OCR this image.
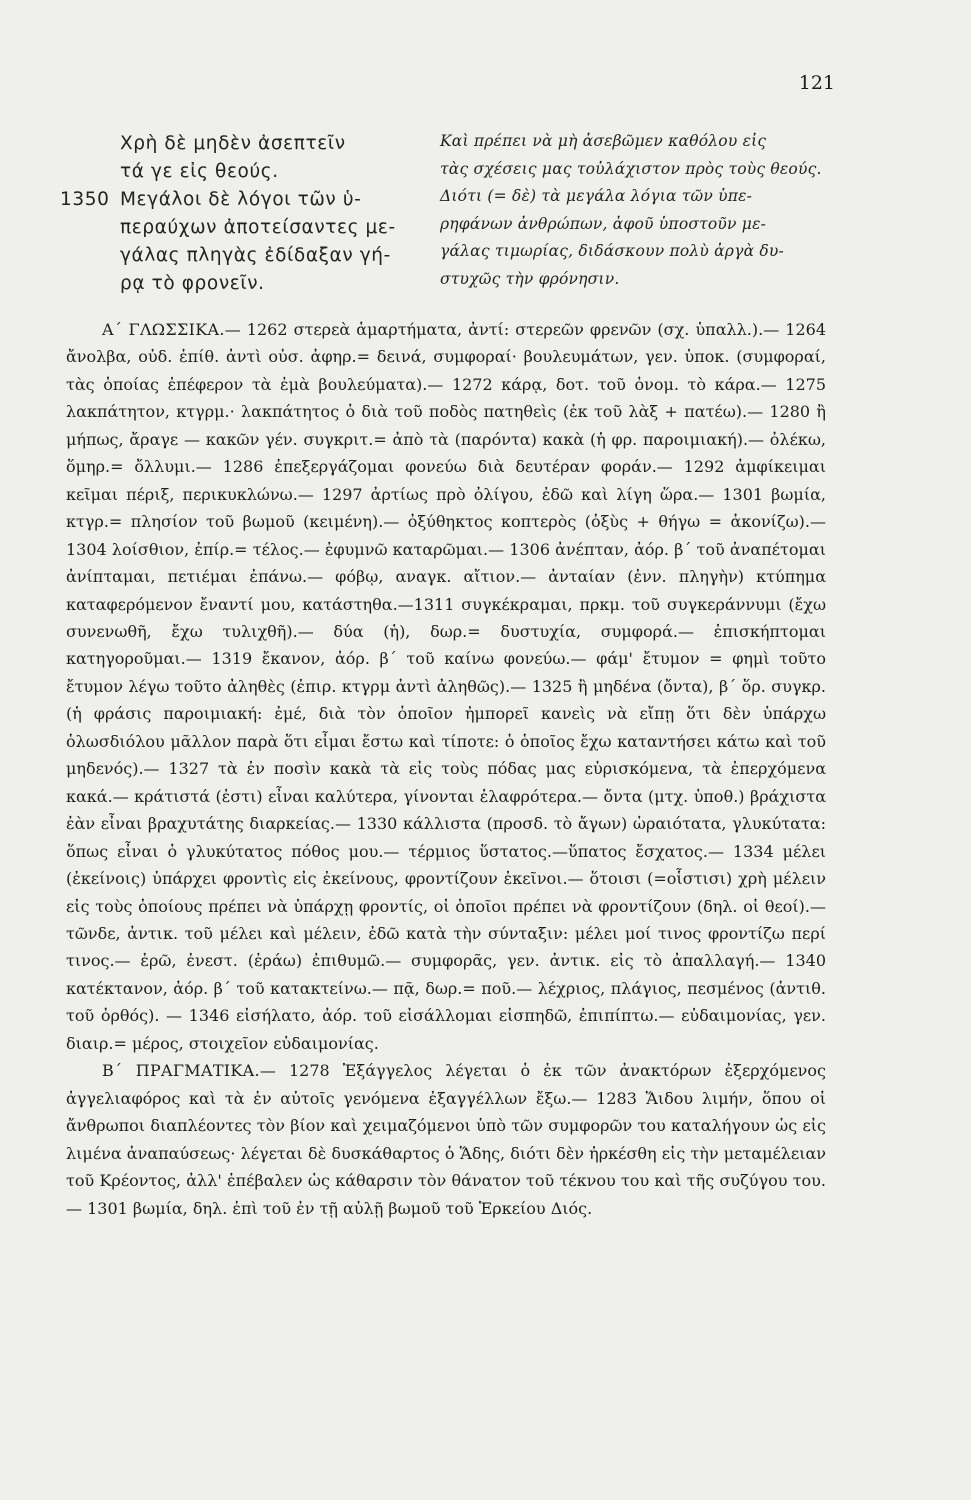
121
Χρὴ δὲ μηδὲν ἀσεπτεῖν
τά γε εἰς θεούς.
1350 Μεγάλοι δὲ λόγοι τῶν ὑ-
περαύχων ἀποτείσαντες με-
γάλας πληγὰς ἐδίδαξαν γή-
ρᾳ τὸ φρονεῖν.
Καὶ πρέπει νὰ μὴ ἀσεβῶμεν καθόλου εἰς
τὰς σχέσεις μας τοὐλάχιστον πρὸς τοὺς θεούς.
Διότι (= δὲ) τὰ μεγάλα λόγια τῶν ὑπε-
ρηφάνων ἀνθρώπων, ἀφοῦ ὑποστοῦν με-
γάλας τιμωρίας, διδάσκουν πολὺ ἀργὰ δυ-
στυχῶς τὴν φρόνησιν.

Α΄ ΓΛΩΣΣΙΚΑ.— 1262 στερεὰ ἁμαρτήματα, ἀντί: στερεῶν φρενῶν (σχ. ὑπαλλ.).— 1264 ἄνολβα, οὐδ. ἐπίθ. ἀντὶ οὐσ. ἀφηρ.= δεινά, συμφοραί· βουλευμάτων, γεν. ὑποκ. (συμφοραί, τὰς ὁποίας ἐπέφερον τὰ ἐμὰ βουλεύματα).— 1272 κάρᾳ, δοτ. τοῦ ὀνομ. τὸ κάρα.— 1275 λακπάτητον, κτγρμ.· λακπάτητος ὁ διὰ τοῦ ποδὸς πατηθεὶς (ἐκ τοῦ λὰξ + πατέω).— 1280 ἢ μήπως, ἄραγε — κακῶν γέν. συγκριτ.= ἀπὸ τὰ (παρόντα) κακὰ (ἡ φρ. παροιμιακή).— ὀλέκω, ὅμηρ.= ὄλλυμι.— 1286 ἐπεξεργάζομαι φονεύω διὰ δευτέραν φοράν.— 1292 ἀμφίκειμαι κεῖμαι πέριξ, περικυκλώνω.— 1297 ἀρτίως πρὸ ὀλίγου, ἐδῶ καὶ λίγη ὥρα.— 1301 βωμία, κτγρ.= πλησίον τοῦ βωμοῦ (κειμένη).— ὀξύθηκτος κοπτερὸς (ὀξὺς + θήγω = ἀκονίζω).— 1304 λοίσθιον, ἐπίρ.= τέλος.— ἐφυμνῶ καταρῶμαι.— 1306 ἀνέπταν, ἀόρ. β΄ τοῦ ἀναπέτομαι ἀνίπταμαι, πετιέμαι ἐπάνω.— φόβῳ, αναγκ. αἴτιον.— ἀνταίαν (ἐνν. πληγὴν) κτύπημα καταφερόμενον ἔναντί μου, κατάστηθα.—1311 συγκέκραμαι, πρκμ. τοῦ συγκεράννυμι (ἔχω συνενωθῆ, ἔχω τυλιχθῆ).— δύα (ἡ), δωρ.= δυστυχία, συμφορά.— ἐπισκήπτομαι κατηγοροῦμαι.— 1319 ἔκανον, ἀόρ. β΄ τοῦ καίνω φονεύω.— φάμ' ἔτυμον = φημὶ τοῦτο ἔτυμον λέγω τοῦτο ἀληθὲς (ἐπιρ. κτγρμ ἀντὶ ἀληθῶς).— 1325 ἢ μηδένα (ὄντα), β΄ ὅρ. συγκρ. (ἡ φράσις παροιμιακή: ἐμέ, διὰ τὸν ὁποῖον ἠμπορεῖ κανεὶς νὰ εἴπῃ ὅτι δὲν ὑπάρχω ὁλωσδιόλου μᾶλλον παρὰ ὅτι εἶμαι ἔστω καὶ τίποτε: ὁ ὁποῖος ἔχω καταντήσει κάτω καὶ τοῦ μηδενός).— 1327 τὰ ἐν ποσὶν κακὰ τὰ εἰς τοὺς πόδας μας εὑρισκόμενα, τὰ ἐπερχόμενα κακά.— κράτιστά (ἐστι) εἶναι καλύτερα, γίνονται ἐλαφρότερα.— ὄντα (μτχ. ὑποθ.) βράχιστα ἐὰν εἶναι βραχυτάτης διαρκείας.— 1330 κάλλιστα (προσδ. τὸ ἄγων) ὡραιότατα, γλυκύτατα: ὅπως εἶναι ὁ γλυκύτατος πόθος μου.— τέρμιος ὕστατος.—ὕπατος ἔσχατος.— 1334 μέλει (ἐκείνοις) ὑπάρχει φροντὶς εἰς ἐκείνους, φροντίζουν ἐκεῖνοι.— ὅτοισι (=οἷστισι) χρὴ μέλειν εἰς τοὺς ὁποίους πρέπει νὰ ὑπάρχῃ φροντίς, οἱ ὁποῖοι πρέπει νὰ φροντίζουν (δηλ. οἱ θεοί).— τῶνδε, ἀντικ. τοῦ μέλει καὶ μέλειν, ἐδῶ κατὰ τὴν σύνταξιν: μέλει μοί τινος φροντίζω περί τινος.— ἐρῶ, ἐνεστ. (ἐράω) ἐπιθυμῶ.— συμφορᾶς, γεν. ἀντικ. εἰς τὸ ἀπαλλαγή.— 1340 κατέκτανον, ἀόρ. β΄ τοῦ κατακτείνω.— πᾷ, δωρ.= ποῦ.— λέχριος, πλάγιος, πεσμένος (ἀντιθ. τοῦ ὀρθός). — 1346 εἰσήλατο, ἀόρ. τοῦ εἰσάλλομαι εἰσπηδῶ, ἐπιπίπτω.— εὐδαιμονίας, γεν. διαιρ.= μέρος, στοιχεῖον εὐδαιμονίας.

Β΄ ΠΡΑΓΜΑΤΙΚΑ.— 1278 Ἐξάγγελος λέγεται ὁ ἐκ τῶν ἀνακτόρων ἐξερχόμενος ἀγγελιαφόρος καὶ τὰ ἐν αὐτοῖς γενόμενα ἐξαγγέλλων ἔξω.— 1283 Ἅιδου λιμήν, ὅπου οἱ ἄνθρωποι διαπλέοντες τὸν βίον καὶ χειμαζόμενοι ὑπὸ τῶν συμφορῶν του καταλήγουν ὡς εἰς λιμένα ἀναπαύσεως· λέγεται δὲ δυσκάθαρτος ὁ Ἅδης, διότι δὲν ἠρκέσθη εἰς τὴν μεταμέλειαν τοῦ Κρέοντος, ἀλλ' ἐπέβαλεν ὡς κάθαρσιν τὸν θάνατον τοῦ τέκνου του καὶ τῆς συζύγου του.— 1301 βωμία, δηλ. ἐπὶ τοῦ ἐν τῇ αὐλῇ βωμοῦ τοῦ Ἑρκείου Διός.
